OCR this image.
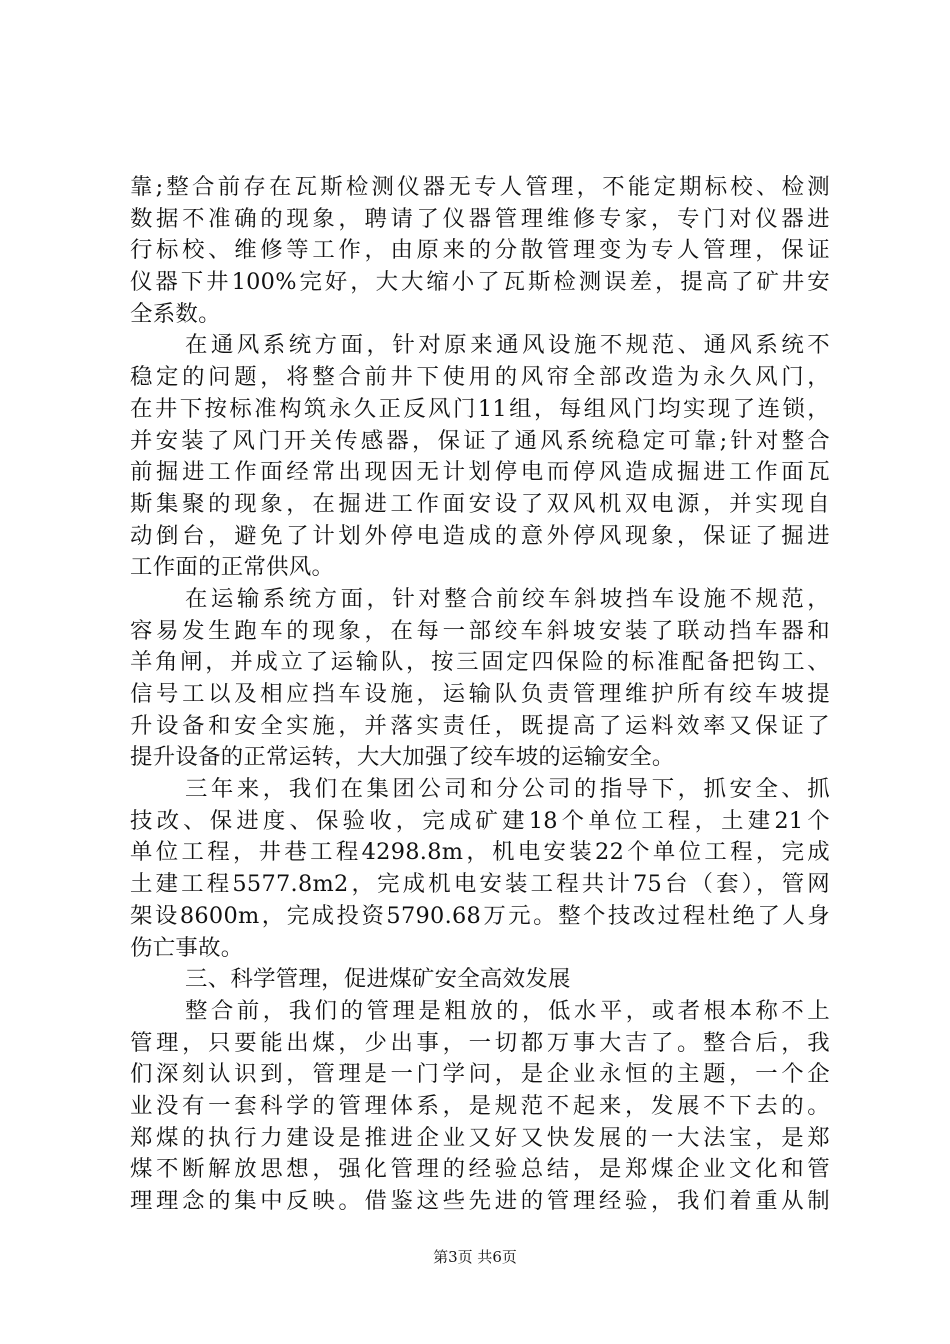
靠;整合前存在瓦斯检测仪器无专人管理，不能定期标校、检测
数据不准确的现象，聘请了仪器管理维修专家，专门对仪器进
行标校、维修等工作，由原来的分散管理变为专人管理，保证
仪器下井100%完好，大大缩小了瓦斯检测误差，提高了矿井安
全系数。
在通风系统方面，针对原来通风设施不规范、通风系统不
稳定的问题，将整合前井下使用的风帘全部改造为永久风门，
在井下按标准构筑永久正反风门11组，每组风门均实现了连锁，
并安装了风门开关传感器，保证了通风系统稳定可靠;针对整合
前掘进工作面经常出现因无计划停电而停风造成掘进工作面瓦
斯集聚的现象，在掘进工作面安设了双风机双电源，并实现自
动倒台，避免了计划外停电造成的意外停风现象，保证了掘进
工作面的正常供风。
在运输系统方面，针对整合前绞车斜坡挡车设施不规范，
容易发生跑车的现象，在每一部绞车斜坡安装了联动挡车器和
羊角闸，并成立了运输队，按三固定四保险的标准配备把钩工、
信号工以及相应挡车设施，运输队负责管理维护所有绞车坡提
升设备和安全实施，并落实责任，既提高了运料效率又保证了
提升设备的正常运转，大大加强了绞车坡的运输安全。
三年来，我们在集团公司和分公司的指导下，抓安全、抓
技改、保进度、保验收，完成矿建18个单位工程，土建21个
单位工程，井巷工程4298.8m，机电安装22个单位工程，完成
土建工程5577.8m2，完成机电安装工程共计75台（套），管网
架设8600m，完成投资5790.68万元。整个技改过程杜绝了人身
伤亡事故。
三、科学管理，促进煤矿安全高效发展
整合前，我们的管理是粗放的，低水平，或者根本称不上
管理，只要能出煤，少出事，一切都万事大吉了。整合后，我
们深刻认识到，管理是一门学问，是企业永恒的主题，一个企
业没有一套科学的管理体系，是规范不起来，发展不下去的。
郑煤的执行力建设是推进企业又好又快发展的一大法宝，是郑
煤不断解放思想，强化管理的经验总结，是郑煤企业文化和管
理理念的集中反映。借鉴这些先进的管理经验，我们着重从制
第3页 共6页
